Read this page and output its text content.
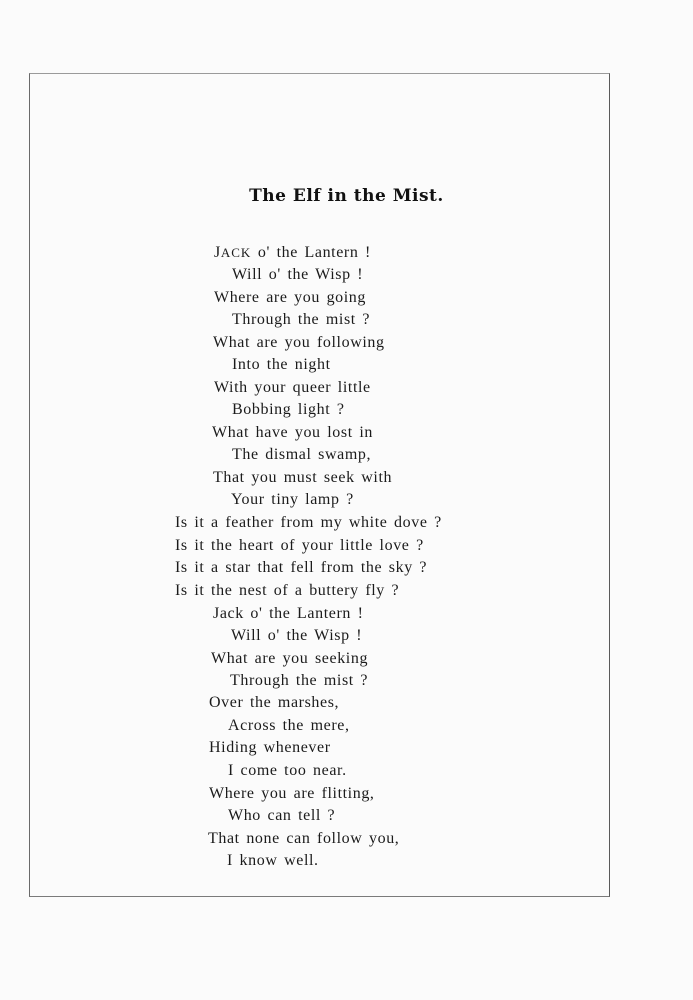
The Elf in the Mist.
JACK o' the Lantern !
Will o' the Wisp !
Where are you going
Through the mist ?
What are you following
Into the night
With your queer little
Bobbing light ?
What have you lost in
The dismal swamp,
That you must seek with
Your tiny lamp ?
Is it a feather from my white dove ?
Is it the heart of your little love ?
Is it a star that fell from the sky ?
Is it the nest of a buttery fly ?
Jack o' the Lantern !
Will o' the Wisp !
What are you seeking
Through the mist ?
Over the marshes,
Across the mere,
Hiding whenever
I come too near.
Where you are flitting,
Who can tell ?
That none can follow you,
I know well.
